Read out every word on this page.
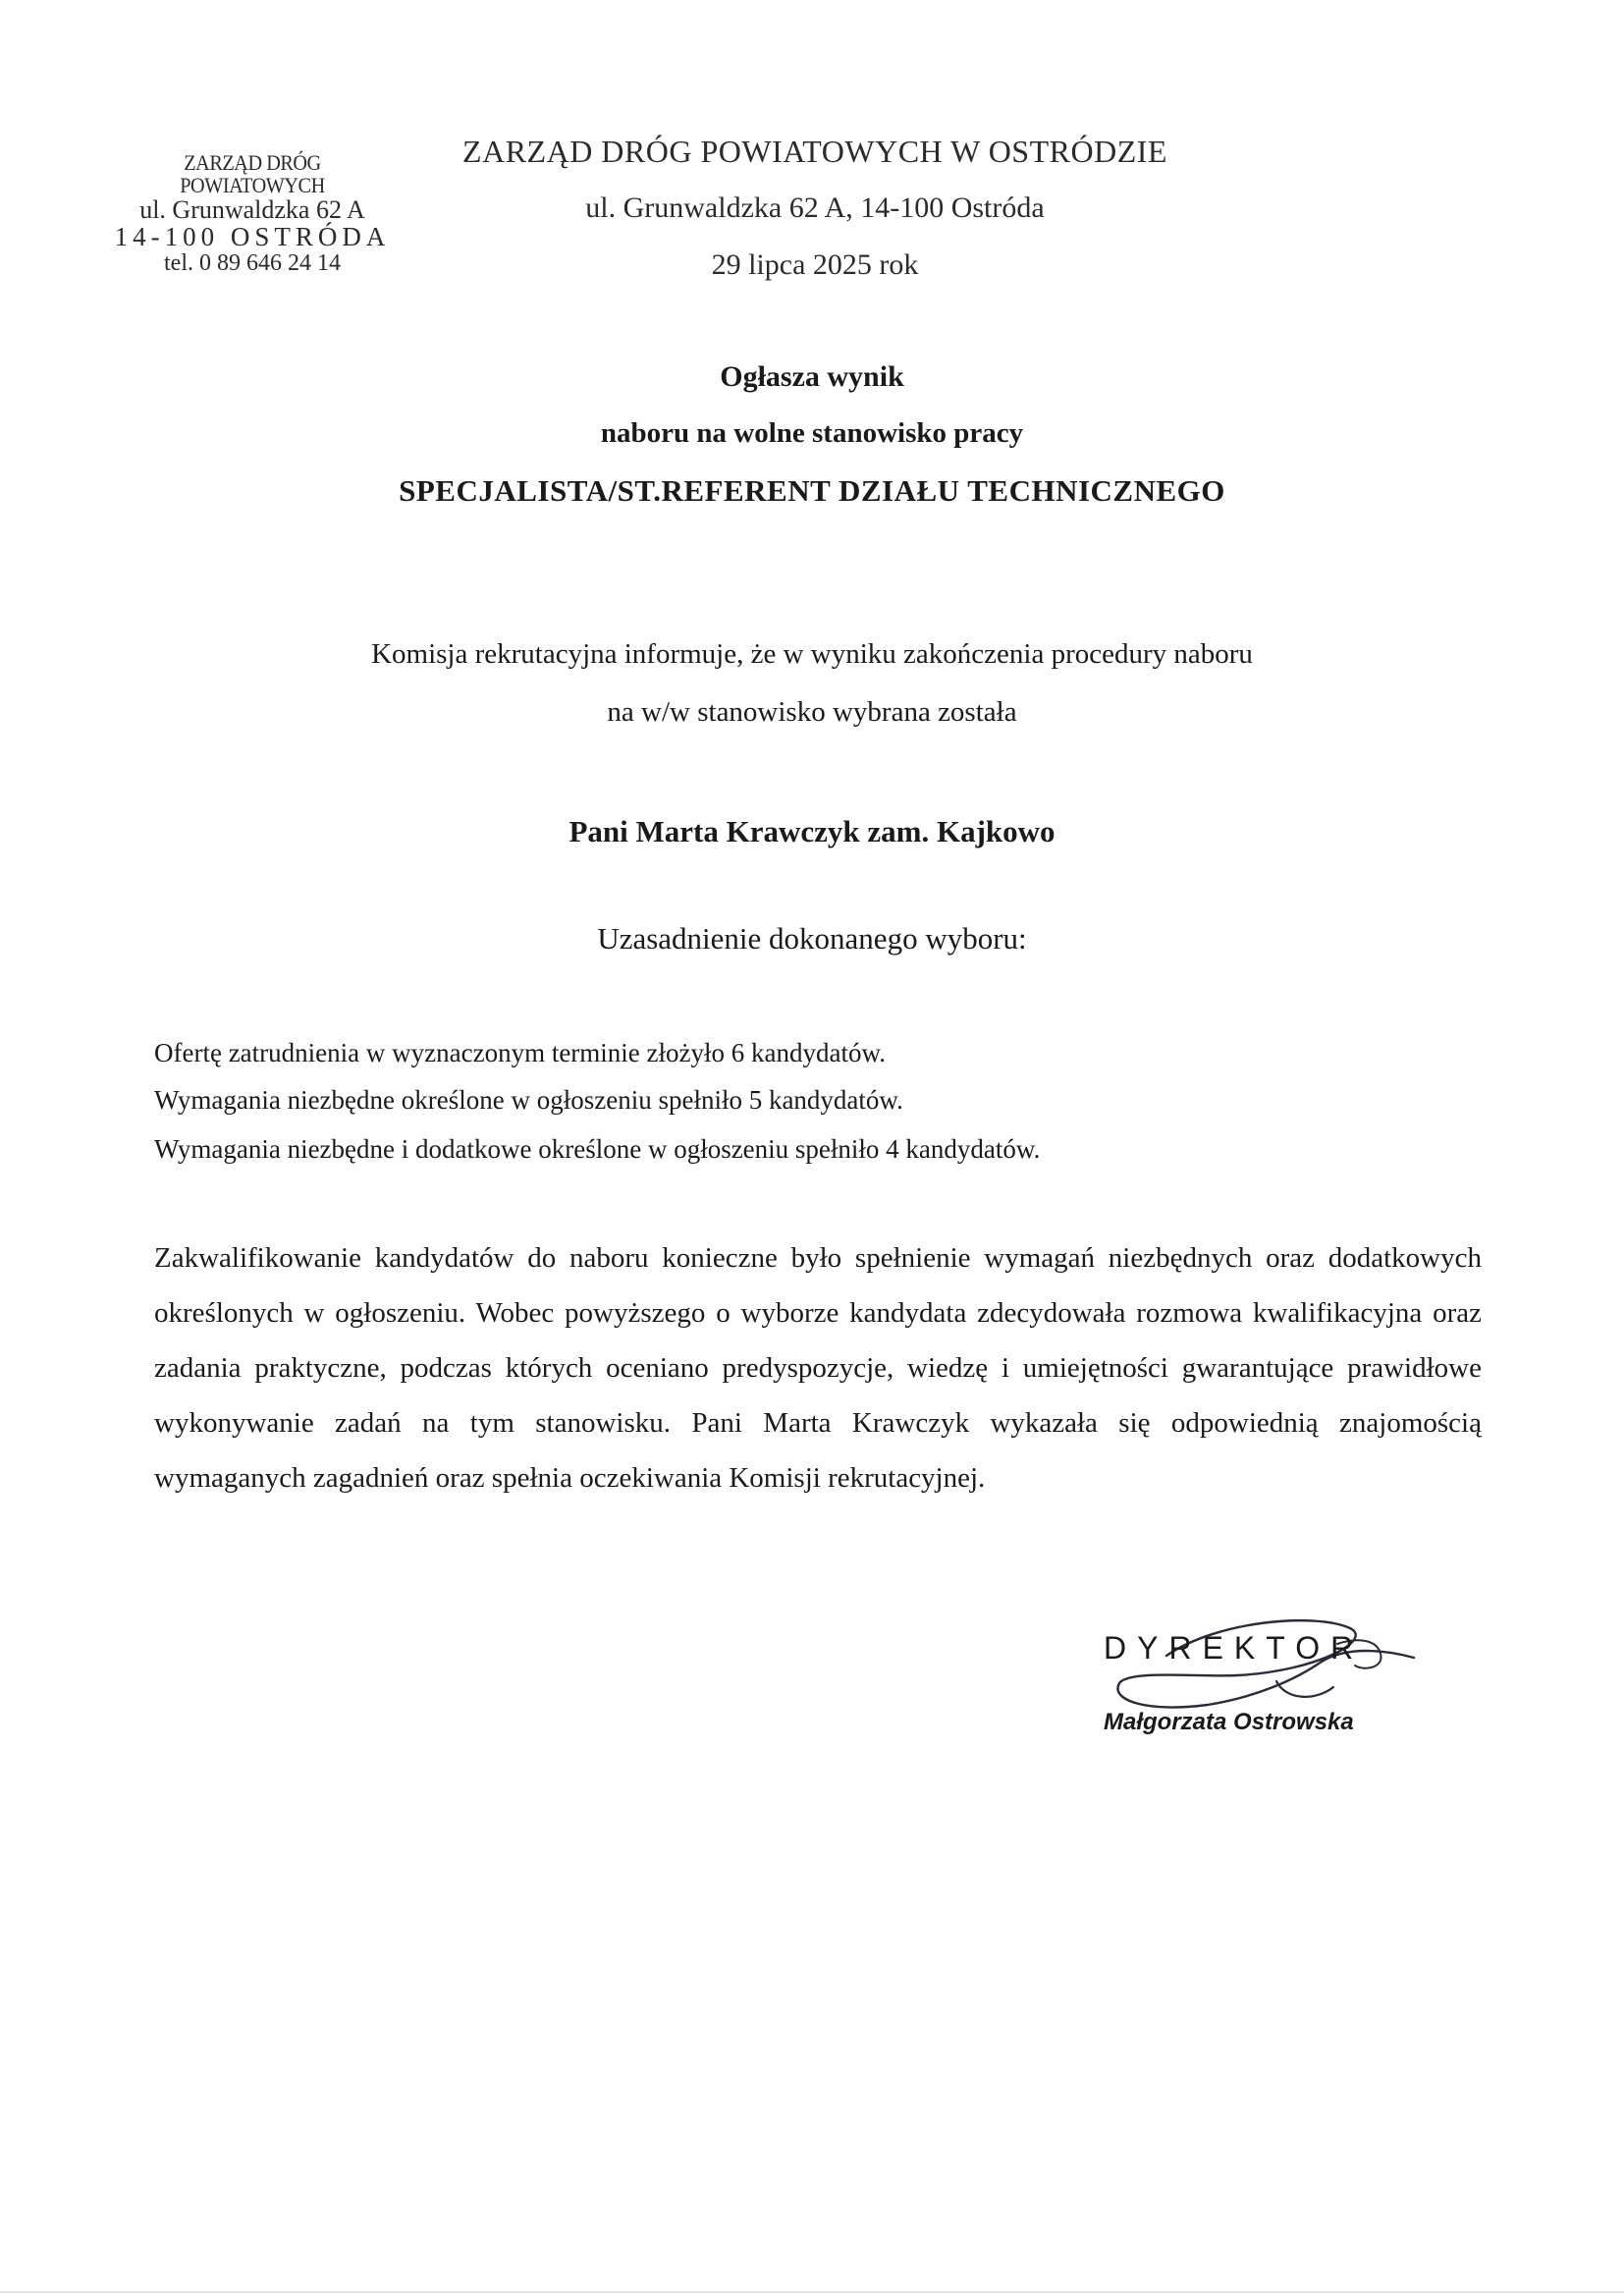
ZARZĄD DRÓG POWIATOWYCH
ul. Grunwaldzka 62 A
14-100 OSTRÓDA
tel. 0 89 646 24 14
ZARZĄD DRÓG POWIATOWYCH W OSTRÓDZIE
ul. Grunwaldzka 62 A, 14-100 Ostróda
29 lipca 2025 rok
Ogłasza wynik
naboru na wolne stanowisko pracy
SPECJALISTA/ST.REFERENT DZIAŁU TECHNICZNEGO
Komisja rekrutacyjna informuje, że w wyniku zakończenia procedury naboru
na w/w stanowisko wybrana została
Pani Marta Krawczyk zam. Kajkowo
Uzasadnienie dokonanego wyboru:
Ofertę zatrudnienia w wyznaczonym terminie złożyło 6 kandydatów.
Wymagania niezbędne określone w ogłoszeniu spełniło 5 kandydatów.
Wymagania niezbędne i dodatkowe określone w ogłoszeniu spełniło 4 kandydatów.
Zakwalifikowanie kandydatów do naboru konieczne było spełnienie wymagań niezbędnych oraz dodatkowych określonych w ogłoszeniu. Wobec powyższego o wyborze kandydata zdecydowała rozmowa kwalifikacyjna oraz zadania praktyczne, podczas których oceniano predyspozycje, wiedzę i umiejętności gwarantujące prawidłowe wykonywanie zadań na tym stanowisku. Pani Marta Krawczyk wykazała się odpowiednią znajomością wymaganych zagadnień oraz spełnia oczekiwania Komisji rekrutacyjnej.
DYREKTOR
Małgorzata Ostrowska
